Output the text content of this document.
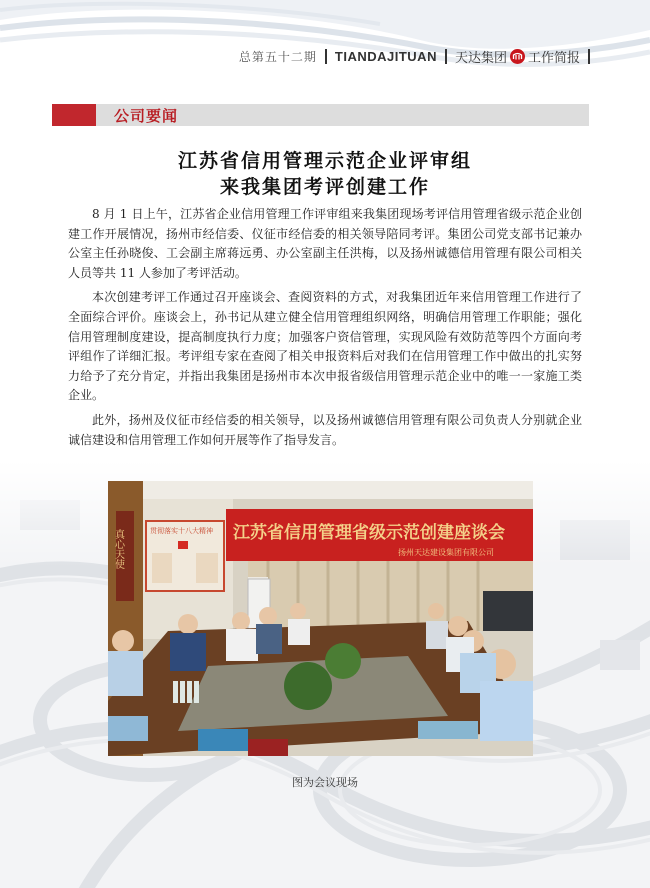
总第五十二期 TIANDAJITUAN 天达集团 工作简报
公司要闻
江苏省信用管理示范企业评审组
来我集团考评创建工作

8 月 1 日上午，江苏省企业信用管理工作评审组来我集团现场考评信用管理省级示范企业创建工作开展情况，扬州市经信委、仪征市经信委的相关领导陪同考评。集团公司党支部书记兼办公室主任孙晓俊、工会副主席蒋远勇、办公室副主任洪梅，以及扬州诚德信用管理有限公司相关人员等共 11 人参加了考评活动。

本次创建考评工作通过召开座谈会、查阅资料的方式，对我集团近年来信用管理工作进行了全面综合评价。座谈会上，孙书记从建立健全信用管理组织网络，明确信用管理工作职能；强化信用管理制度建设，提高制度执行力度；加强客户资信管理，实现风险有效防范等四个方面向考评组作了详细汇报。考评组专家在查阅了相关申报资料后对我们在信用管理工作中做出的扎实努力给予了充分肯定，并指出我集团是扬州市本次申报省级信用管理示范企业中的唯一一家施工类企业。

此外，扬州及仪征市经信委的相关领导，以及扬州诚德信用管理有限公司负责人分别就企业诚信建设和信用管理工作如何开展等作了指导发言。

真心天使	贯彻落实十八大精神 江苏省信用管理省级示范创建座谈会
扬州天达建设集团有限公司
图为会议现场
